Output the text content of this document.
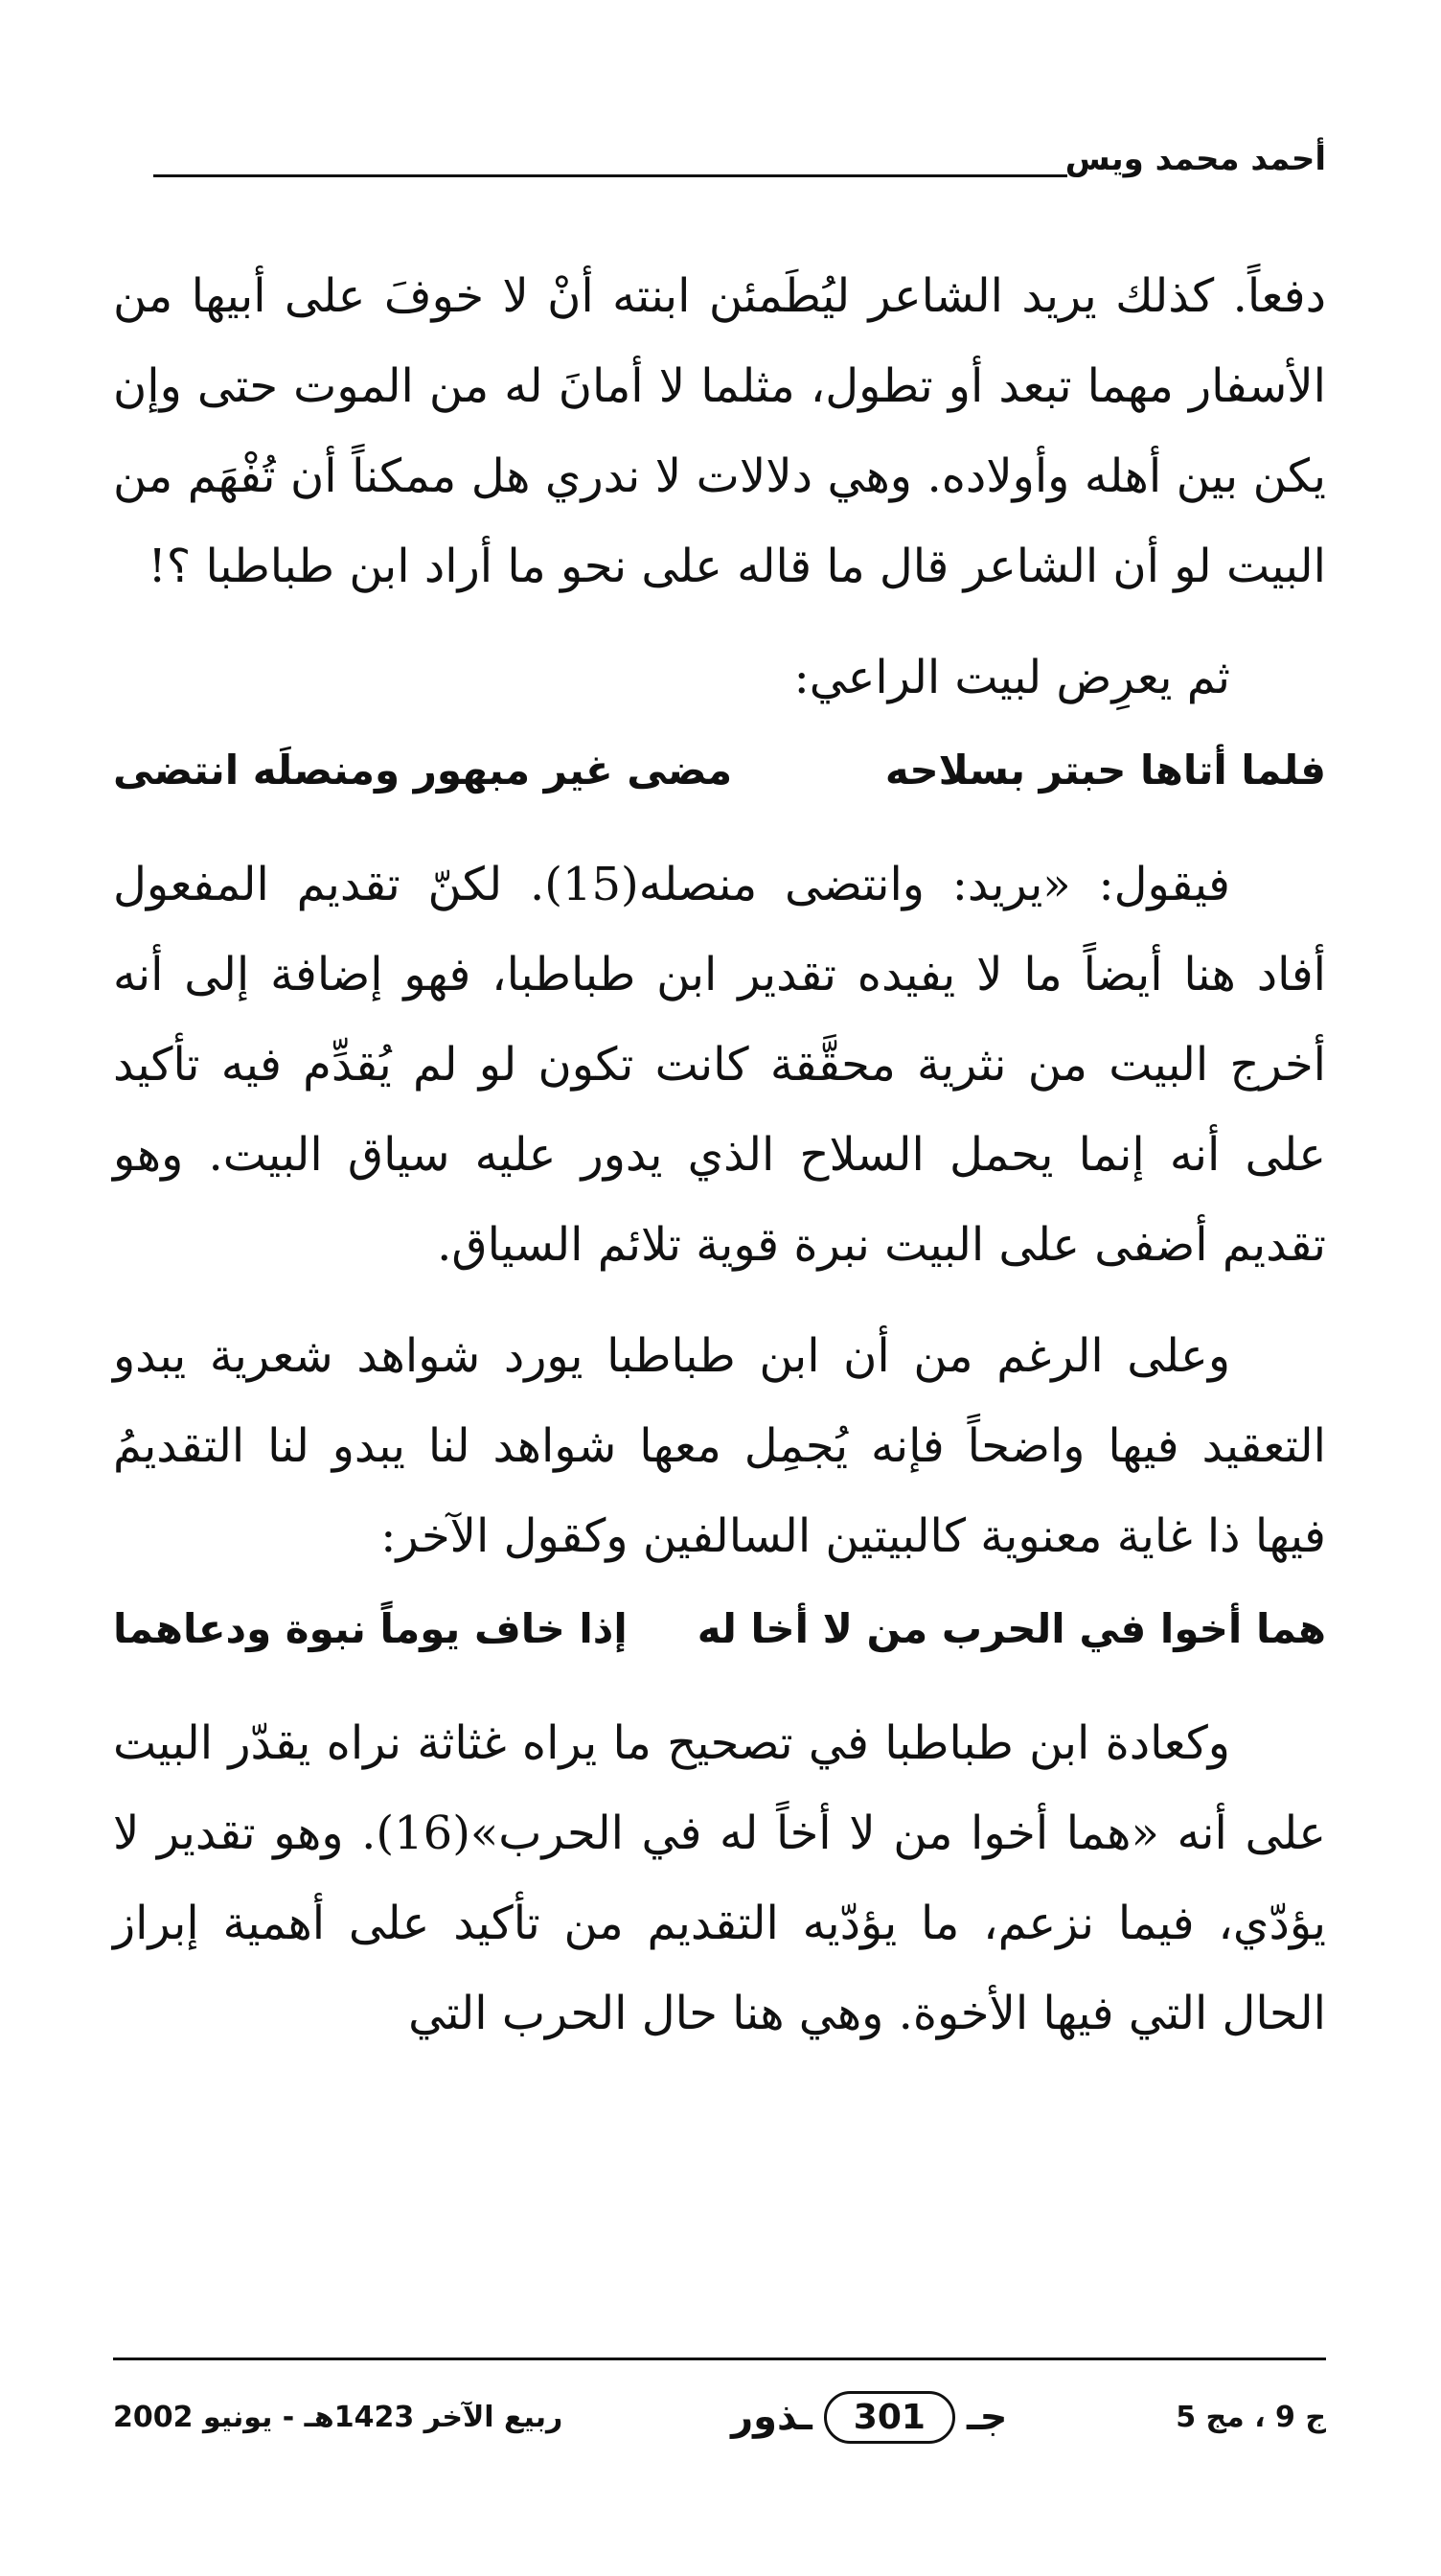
أحمد محمد ويس

دفعاً. كذلك يريد الشاعر ليُطَمئن ابنته أنْ لا خوفَ على أبيها من الأسفار مهما تبعد أو تطول، مثلما لا أمانَ له من الموت حتى وإن يكن بين أهله وأولاده. وهي دلالات لا ندري هل ممكناً أن تُفْهَم من البيت لو أن الشاعر قال ما قاله على نحو ما أراد ابن طباطبا ؟!

ثم يعرِض لبيت الراعي:

فلما أتاها حبتر بسلاحه
مضى غير مبهور ومنصلَه انتضى

فيقول: «يريد: وانتضى منصله(15). لكنّ تقديم المفعول أفاد هنا أيضاً ما لا يفيده تقدير ابن طباطبا، فهو إضافة إلى أنه أخرج البيت من نثرية محقَّقة كانت تكون لو لم يُقدِّم فيه تأكيد على أنه إنما يحمل السلاح الذي يدور عليه سياق البيت. وهو تقديم أضفى على البيت نبرة قوية تلائم السياق.

وعلى الرغم من أن ابن طباطبا يورد شواهد شعرية يبدو التعقيد فيها واضحاً فإنه يُجمِل معها شواهد لنا يبدو لنا التقديمُ فيها ذا غاية معنوية كالبيتين السالفين وكقول الآخر:

هما أخوا في الحرب من لا أخا له
إذا خاف يوماً نبوة ودعاهما

وكعادة ابن طباطبا في تصحيح ما يراه غثاثة نراه يقدّر البيت على أنه «هما أخوا من لا أخاً له في الحرب»(16). وهو تقدير لا يؤدّي، فيما نزعم، ما يؤدّيه التقديم من تأكيد على أهمية إبراز الحال التي فيها الأخوة. وهي هنا حال الحرب التي

ج 9 ، مج 5
جـ
301
ـذور
ربيع الآخر 1423هـ - يونيو 2002
